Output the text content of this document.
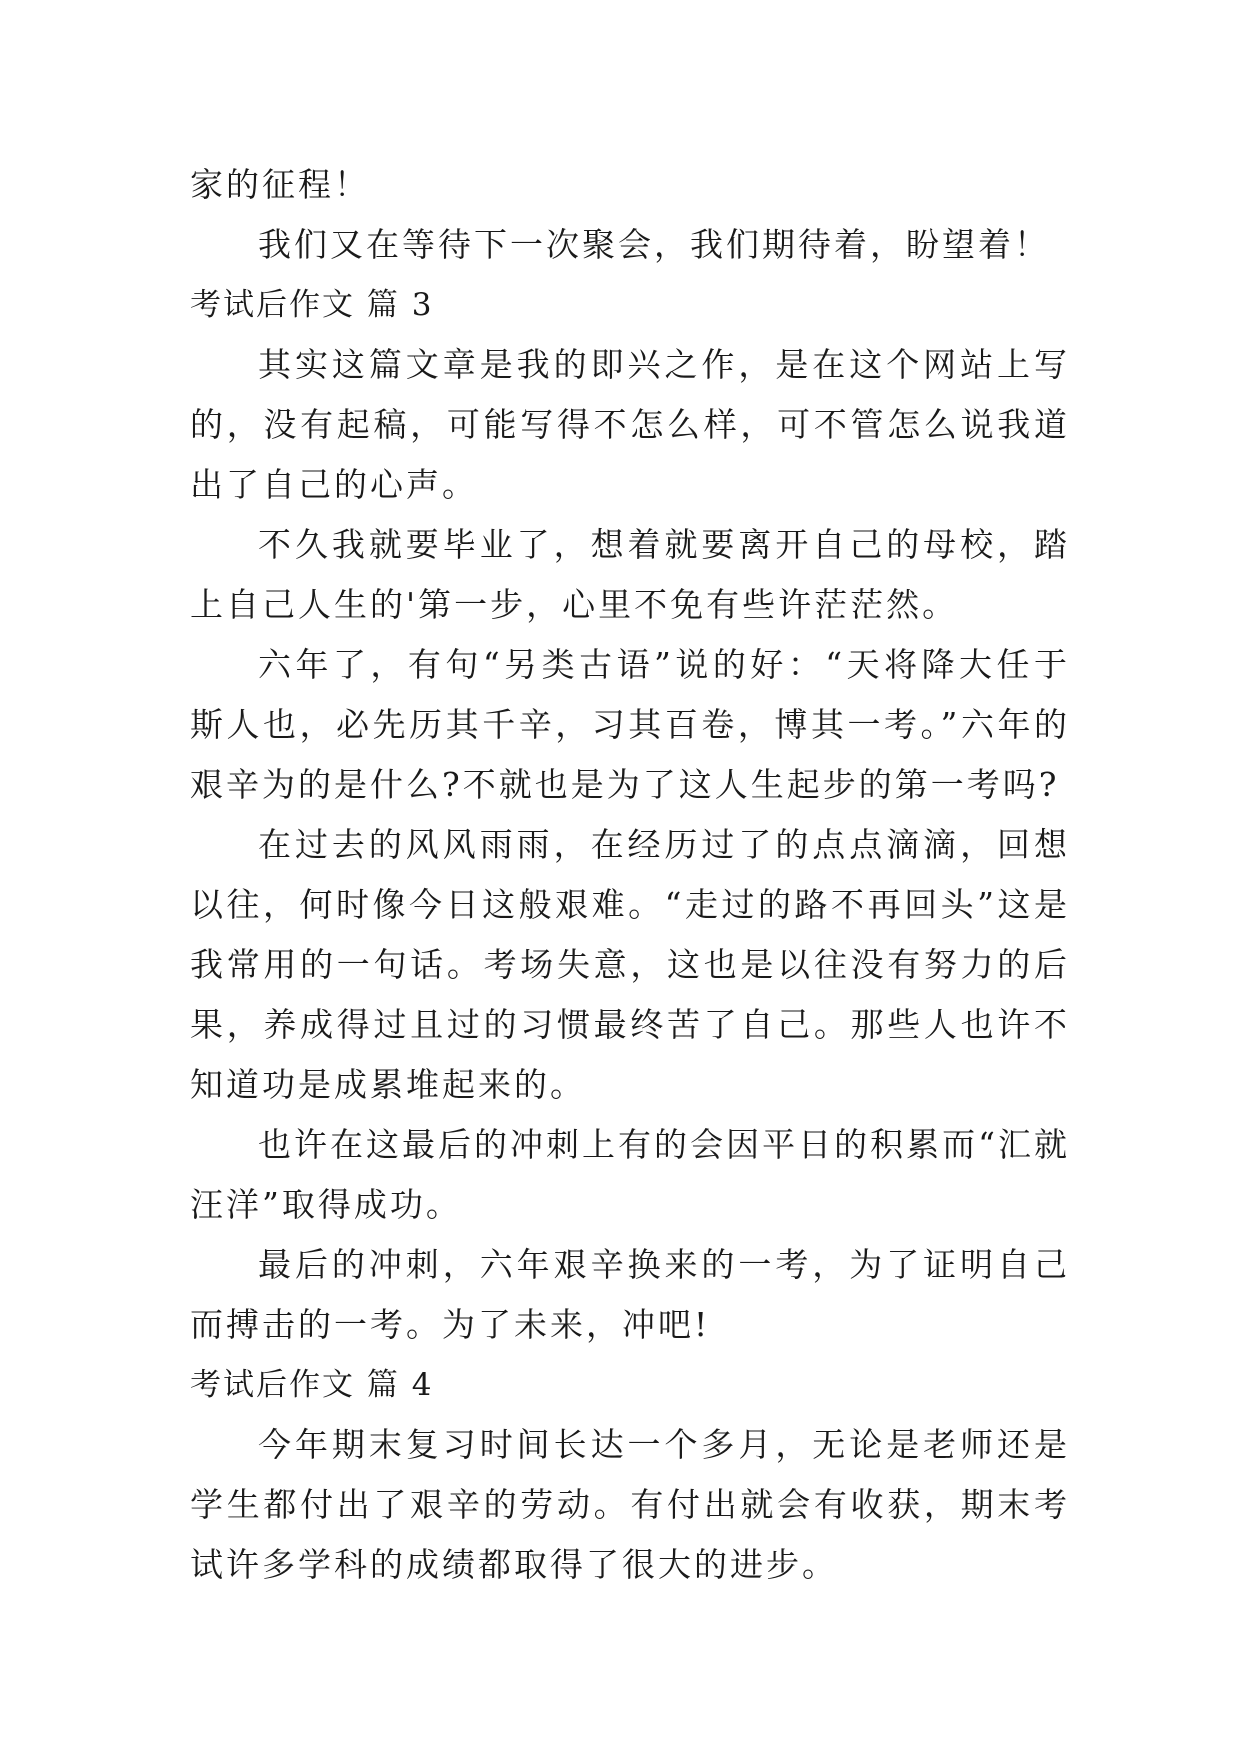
家的征程！

我们又在等待下一次聚会，我们期待着，盼望着！

考试后作文 篇 3

其实这篇文章是我的即兴之作，是在这个网站上写的，没有起稿，可能写得不怎么样，可不管怎么说我道出了自己的心声。

不久我就要毕业了，想着就要离开自己的母校，踏上自己人生的'第一步，心里不免有些许茫茫然。

六年了，有句“另类古语”说的好：“天将降大任于斯人也，必先历其千辛，习其百卷，博其一考。”六年的艰辛为的是什么?不就也是为了这人生起步的第一考吗?

在过去的风风雨雨，在经历过了的点点滴滴，回想以往，何时像今日这般艰难。“走过的路不再回头”这是我常用的一句话。考场失意，这也是以往没有努力的后果，养成得过且过的习惯最终苦了自己。那些人也许不知道功是成累堆起来的。

也许在这最后的冲刺上有的会因平日的积累而“汇就汪洋”取得成功。

最后的冲刺，六年艰辛换来的一考，为了证明自己而搏击的一考。为了未来，冲吧!

考试后作文 篇 4

今年期末复习时间长达一个多月，无论是老师还是学生都付出了艰辛的劳动。有付出就会有收获，期末考试许多学科的成绩都取得了很大的进步。
